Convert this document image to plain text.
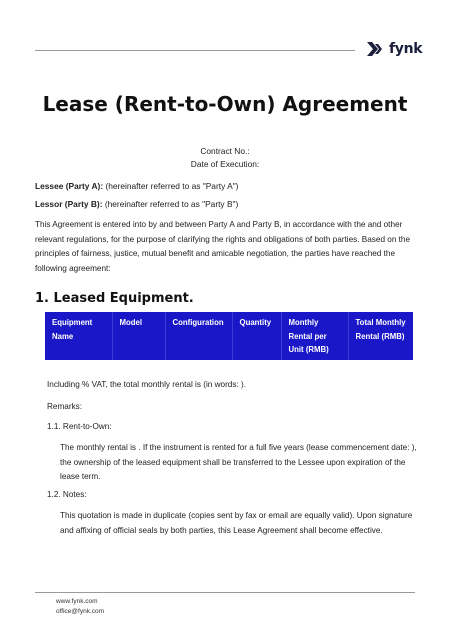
fynk
Lease (Rent-to-Own) Agreement
Contract No.:
Date of Execution:
Lessee (Party A): (hereinafter referred to as "Party A")
Lessor (Party B): (hereinafter referred to as "Party B")
This Agreement is entered into by and between Party A and Party B, in accordance with the and other relevant regulations, for the purpose of clarifying the rights and obligations of both parties. Based on the principles of fairness, justice, mutual benefit and amicable negotiation, the parties have reached the following agreement:
1. Leased Equipment.
Equipment Name	Model	Configuration	Quantity	Monthly Rental per Unit (RMB)	Total Monthly Rental (RMB)
Including % VAT, the total monthly rental is (in words: ).
Remarks:
1.1. Rent-to-Own:
The monthly rental is . If the instrument is rented for a full five years (lease commencement date: ), the ownership of the leased equipment shall be transferred to the Lessee upon expiration of the lease term.
1.2. Notes:
This quotation is made in duplicate (copies sent by fax or email are equally valid). Upon signature and affixing of official seals by both parties, this Lease Agreement shall become effective.
www.fynk.com
office@fynk.com
